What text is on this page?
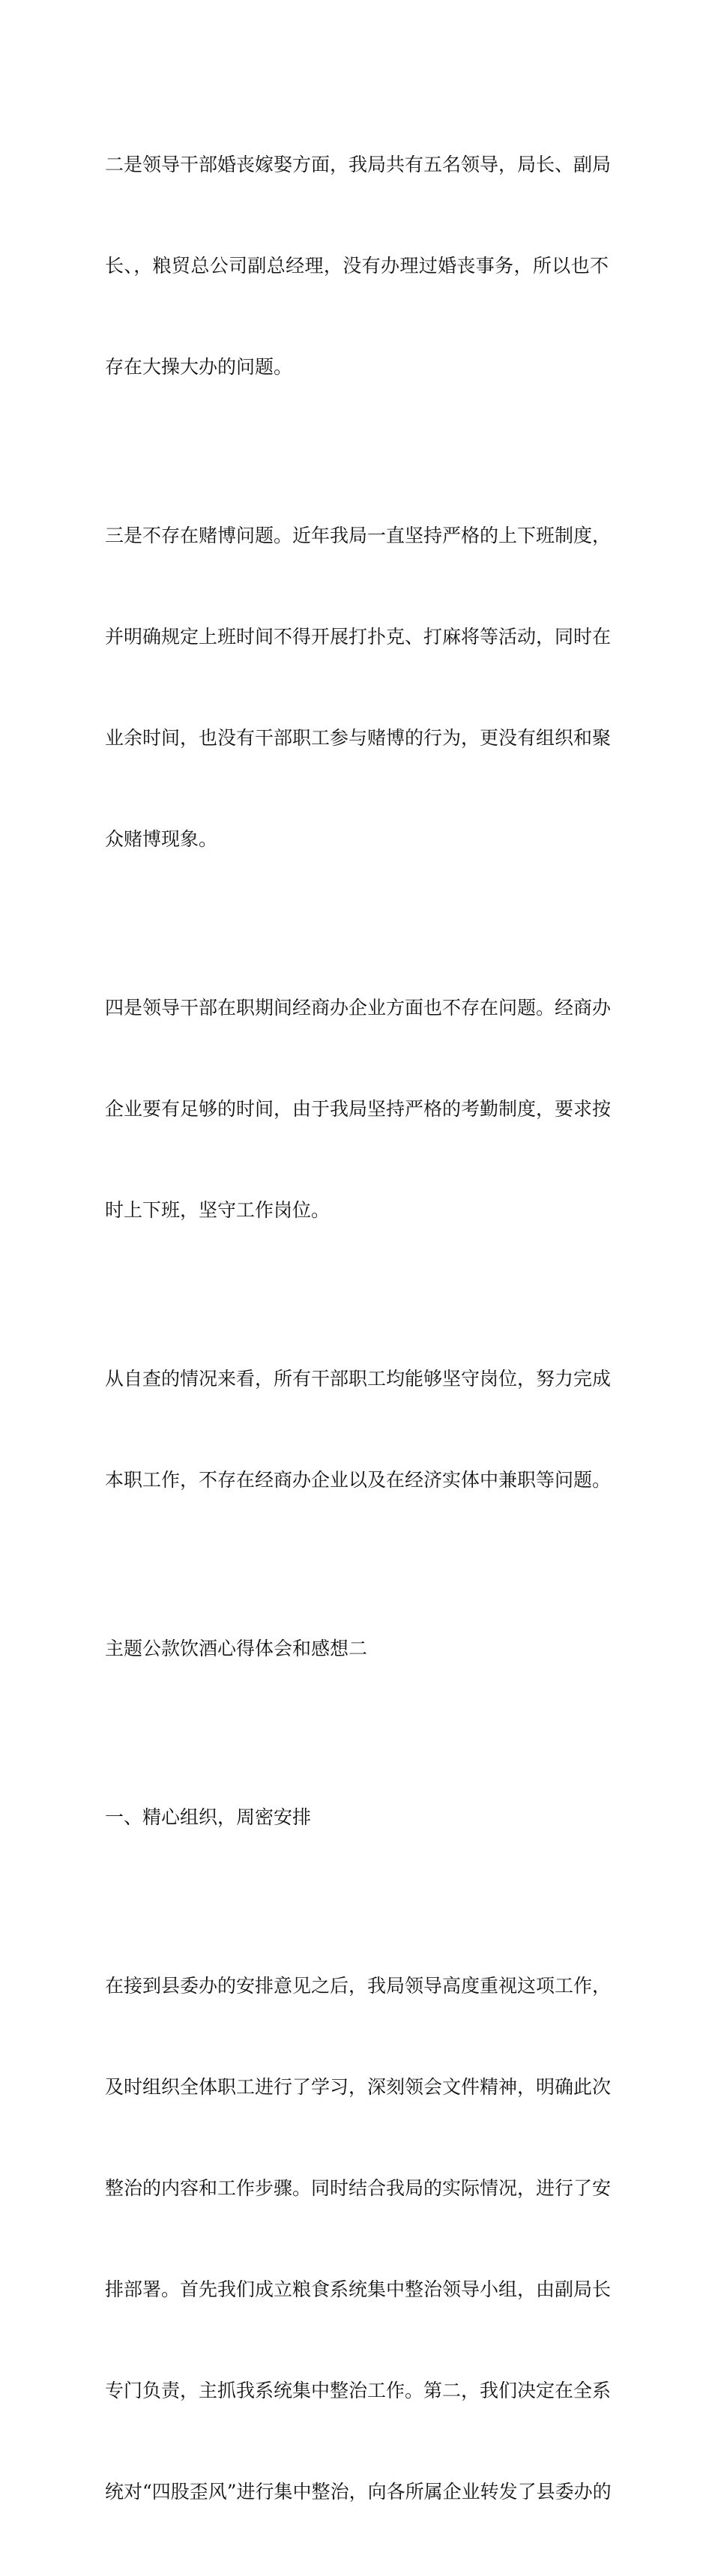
二是领导干部婚丧嫁娶方面，我局共有五名领导，局长、副局

长、，粮贸总公司副总经理，没有办理过婚丧事务，所以也不

存在大操大办的问题。

三是不存在赌博问题。近年我局一直坚持严格的上下班制度，

并明确规定上班时间不得开展打扑克、打麻将等活动，同时在

业余时间，也没有干部职工参与赌博的行为，更没有组织和聚

众赌博现象。

四是领导干部在职期间经商办企业方面也不存在问题。经商办

企业要有足够的时间，由于我局坚持严格的考勤制度，要求按

时上下班，坚守工作岗位。

从自查的情况来看，所有干部职工均能够坚守岗位，努力完成

本职工作，不存在经商办企业以及在经济实体中兼职等问题。

主题公款饮酒心得体会和感想二

一、精心组织，周密安排

在接到县委办的安排意见之后，我局领导高度重视这项工作，

及时组织全体职工进行了学习，深刻领会文件精神，明确此次

整治的内容和工作步骤。同时结合我局的实际情况，进行了安

排部署。首先我们成立粮食系统集中整治领导小组，由副局长

专门负责，主抓我系统集中整治工作。第二，我们决定在全系

统对“四股歪风”进行集中整治，向各所属企业转发了县委办的
